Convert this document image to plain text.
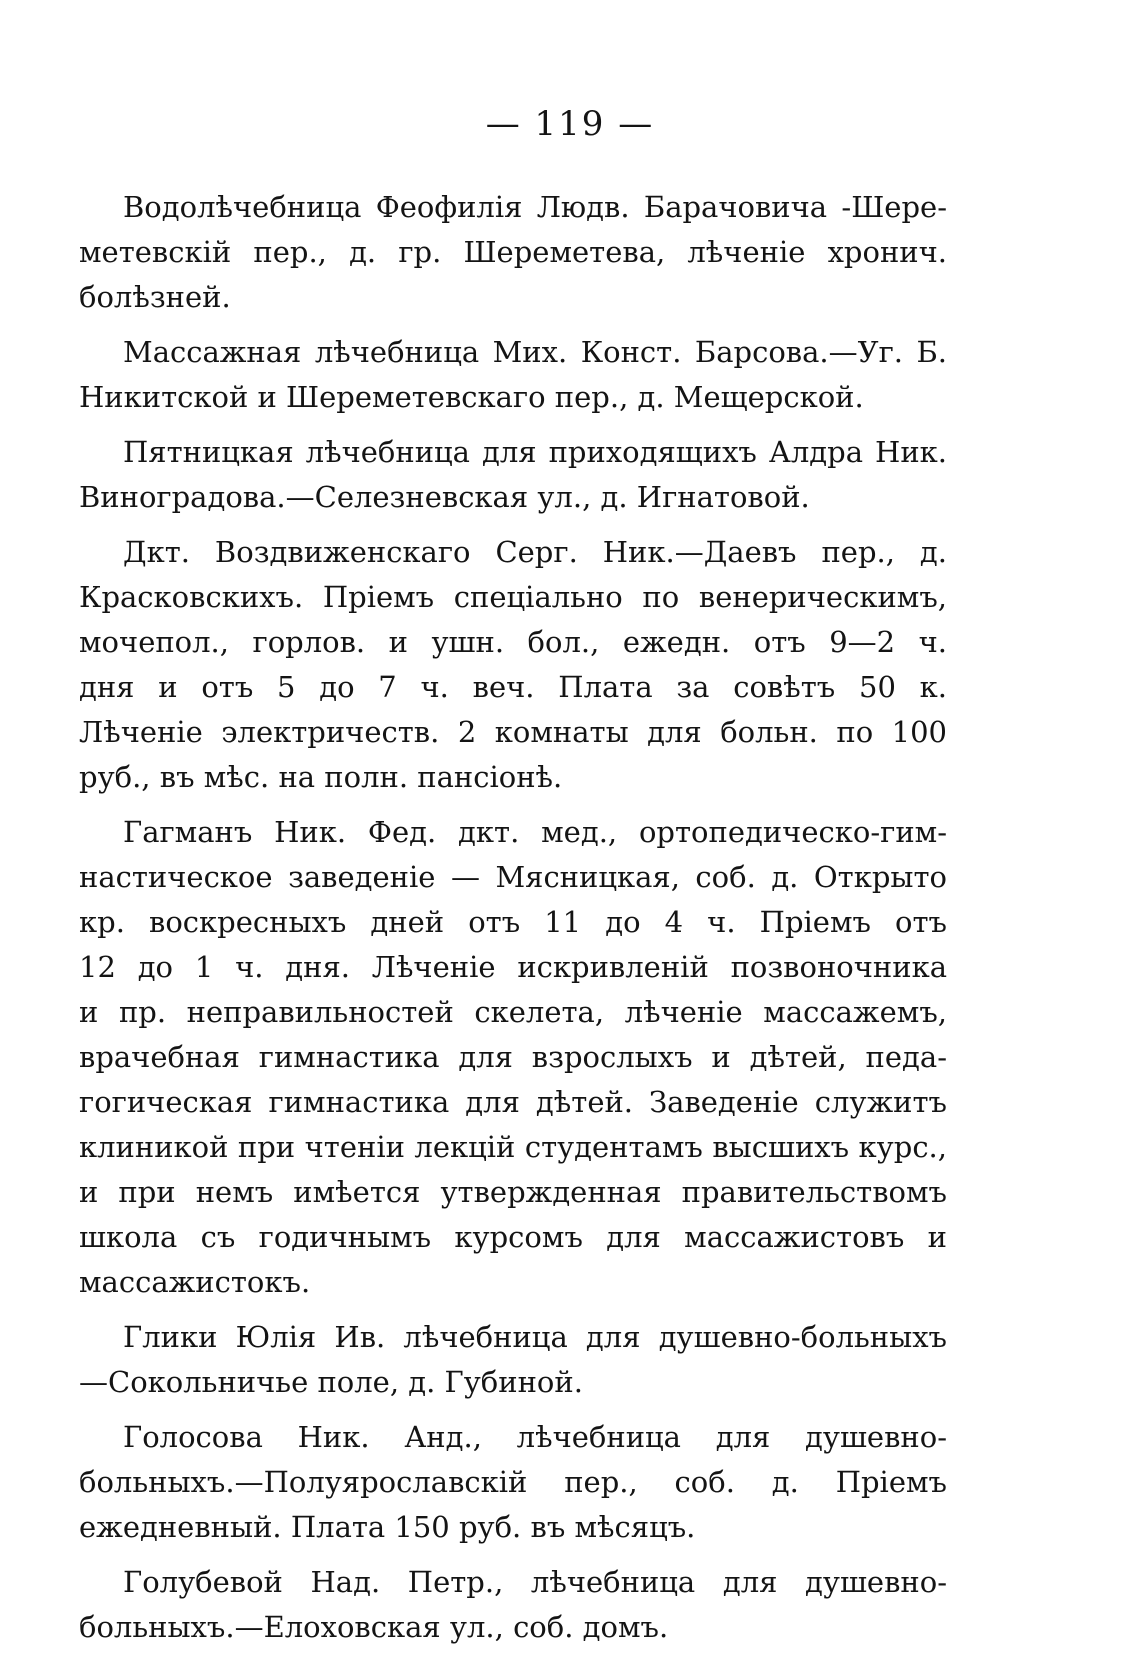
— 119 —
Водолѣчебница Феофилія Людв. Барачовича -Шере-
метевскій пер., д. гр. Шереметева, лѣченіе хронич.
болѣзней.
Массажная лѣчебница Мих. Конст. Барсова.—Уг. Б.
Никитской и Шереметевскаго пер., д. Мещерской.
Пятницкая лѣчебница для приходящихъ Алдра Ник.
Виноградова.—Селезневская ул., д. Игнатовой.
Дкт. Воздвиженскаго Серг. Ник.—Даевъ пер., д.
Красковскихъ. Пріемъ спеціально по венерическимъ,
мочепол., горлов. и ушн. бол., ежедн. отъ 9—2 ч.
дня и отъ 5 до 7 ч. веч. Плата за совѣтъ 50 к.
Лѣченіе электричеств. 2 комнаты для больн. по 100
руб., въ мѣс. на полн. пансіонѣ.
Гагманъ Ник. Фед. дкт. мед., ортопедическо-гим-
настическое заведеніе — Мясницкая, соб. д. Открыто
кр. воскресныхъ дней отъ 11 до 4 ч. Пріемъ отъ
12 до 1 ч. дня. Лѣченіе искривленій позвоночника
и пр. неправильностей скелета, лѣченіе массажемъ,
врачебная гимнастика для взрослыхъ и дѣтей, педа-
гогическая гимнастика для дѣтей. Заведеніе служитъ
клиникой при чтеніи лекцій студентамъ высшихъ курс.,
и при немъ имѣется утвержденная правительствомъ
школа съ годичнымъ курсомъ для массажистовъ и
массажистокъ.
Глики Юлія Ив. лѣчебница для душевно-больныхъ
—Сокольничье поле, д. Губиной.
Голосова Ник. Анд., лѣчебница для душевно-
больныхъ.—Полуярославскій пер., соб. д. Пріемъ
ежедневный. Плата 150 руб. въ мѣсяцъ.
Голубевой Над. Петр., лѣчебница для душевно-
больныхъ.—Елоховская ул., соб. домъ.
